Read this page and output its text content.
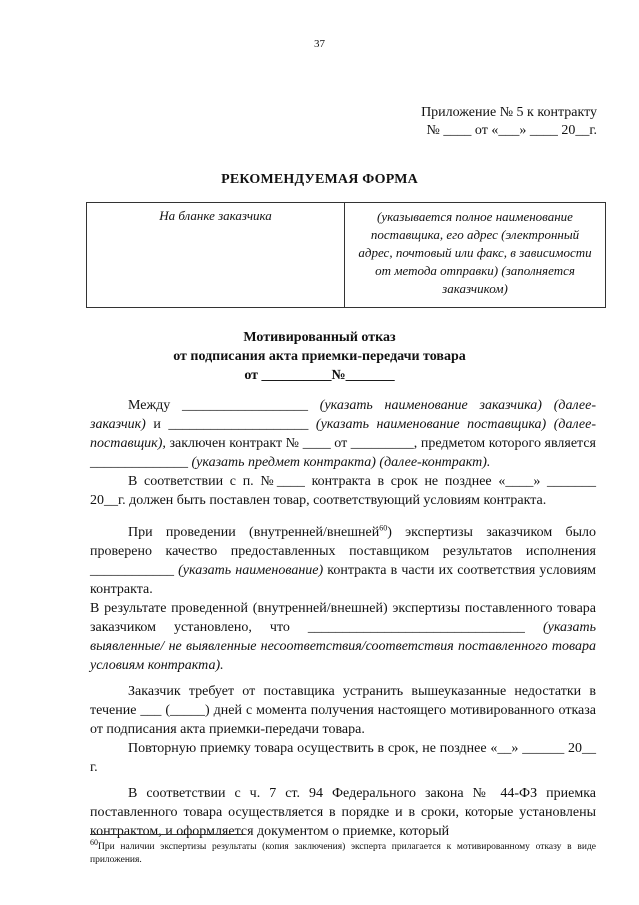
37
Приложение № 5 к контракту
№ ____ от «___» ____ 20__г.
РЕКОМЕНДУЕМАЯ ФОРМА
На бланке заказчика	(указывается полное наименование поставщика, его адрес (электронный адрес, почтовый или факс, в зависимости от метода отправки) (заполняется заказчиком)
Мотивированный отказ
от подписания акта приемки-передачи товара
от __________№_______

Между __________________ (указать наименование заказчика) (далее-заказчик) и ____________________ (указать наименование поставщика) (далее-поставщик), заключен контракт № ____ от _________, предметом которого является ______________ (указать предмет контракта) (далее-контракт).

В соответствии с п. №____ контракта в срок не позднее «____» _______ 20__г. должен быть поставлен товар, соответствующий условиям контракта.

При проведении (внутренней/внешней$^{60}$) экспертизы заказчиком было проверено качество предоставленных поставщиком результатов исполнения ____________ (указать наименование) контракта в части их соответствия условиям контракта.

В результате проведенной (внутренней/внешней) экспертизы поставленного товара заказчиком установлено, что _______________________________ (указать выявленные/ не выявленные несоответствия/соответствия поставленного товара условиям контракта).

Заказчик требует от поставщика устранить вышеуказанные недостатки в течение ___ (_____) дней с момента получения настоящего мотивированного отказа от подписания акта приемки-передачи товара.

Повторную приемку товара осуществить в срок, не позднее «__» ______ 20__ г.

В соответствии с ч. 7 ст. 94 Федерального закона № 44-ФЗ приемка поставленного товара осуществляется в порядке и в сроки, которые установлены контрактом, и оформляется документом о приемке, который

$^{60}$При наличии экспертизы результаты (копия заключения) эксперта прилагается к мотивированному отказу в виде приложения.
